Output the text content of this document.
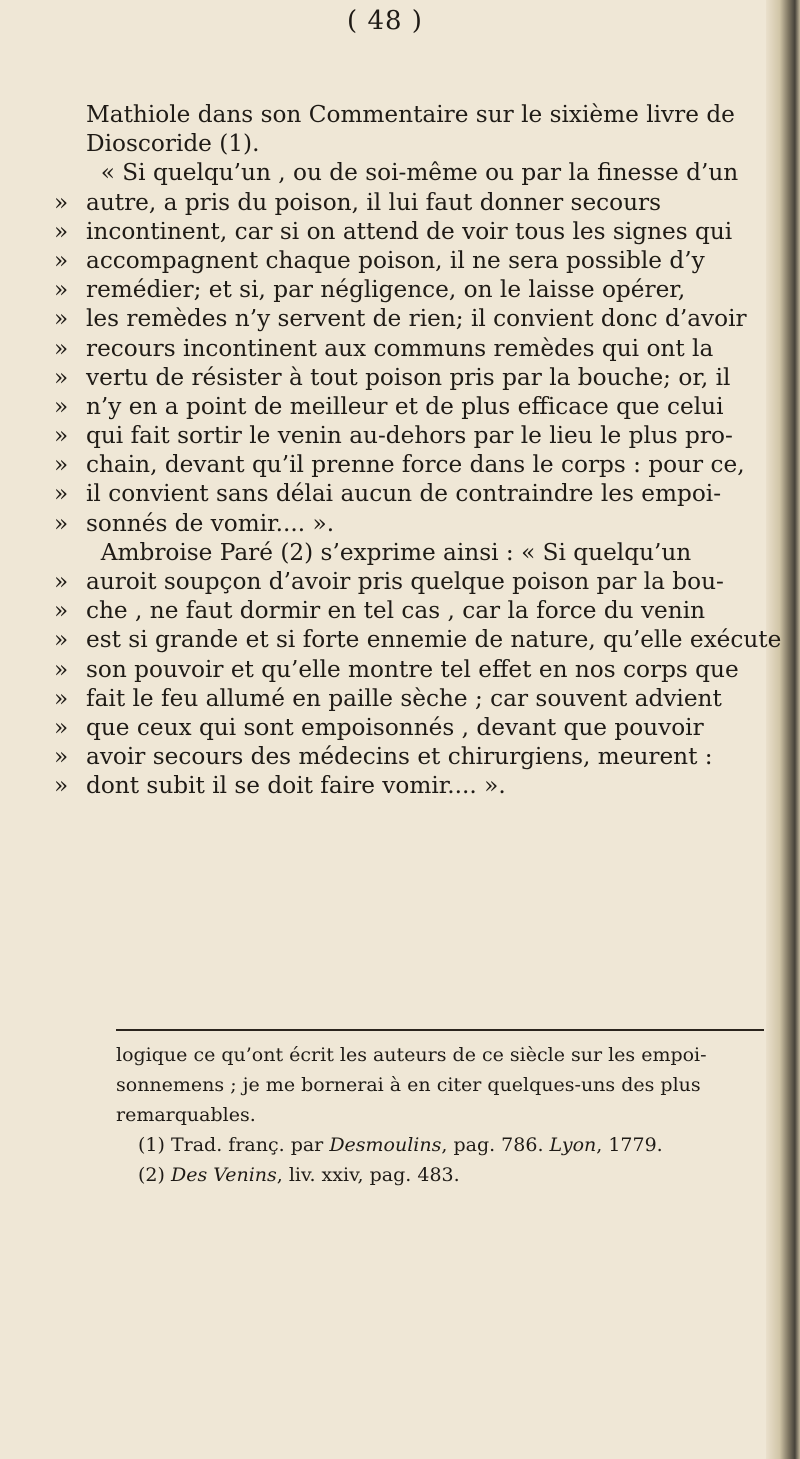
( 48 )
Mathiole dans son Commentaire sur le sixième livre de
Dioscoride (1).
« Si quelqu’un , ou de soi-même ou par la finesse d’un
» autre, a pris du poison, il lui faut donner secours
» incontinent, car si on attend de voir tous les signes qui
» accompagnent chaque poison, il ne sera possible d’y
» remédier; et si, par négligence, on le laisse opérer,
» les remèdes n’y servent de rien; il convient donc d’avoir
» recours incontinent aux communs remèdes qui ont la
» vertu de résister à tout poison pris par la bouche; or, il
» n’y en a point de meilleur et de plus efficace que celui
» qui fait sortir le venin au-dehors par le lieu le plus pro-
» chain, devant qu’il prenne force dans le corps : pour ce,
» il convient sans délai aucun de contraindre les empoi-
» sonnés de vomir.... ».
Ambroise Paré (2) s’exprime ainsi : « Si quelqu’un
» auroit soupçon d’avoir pris quelque poison par la bou-
» che , ne faut dormir en tel cas , car la force du venin
» est si grande et si forte ennemie de nature, qu’elle exécute
» son pouvoir et qu’elle montre tel effet en nos corps que
» fait le feu allumé en paille sèche ; car souvent advient
» que ceux qui sont empoisonnés , devant que pouvoir
» avoir secours des médecins et chirurgiens, meurent :
» dont subit il se doit faire vomir.... ».
logique ce qu’ont écrit les auteurs de ce siècle sur les empoi-
sonnemens ; je me bornerai à en citer quelques-uns des plus
remarquables.
(1) Trad. franç. par Desmoulins, pag. 786. Lyon, 1779.
(2) Des Venins, liv. xxiv, pag. 483.
